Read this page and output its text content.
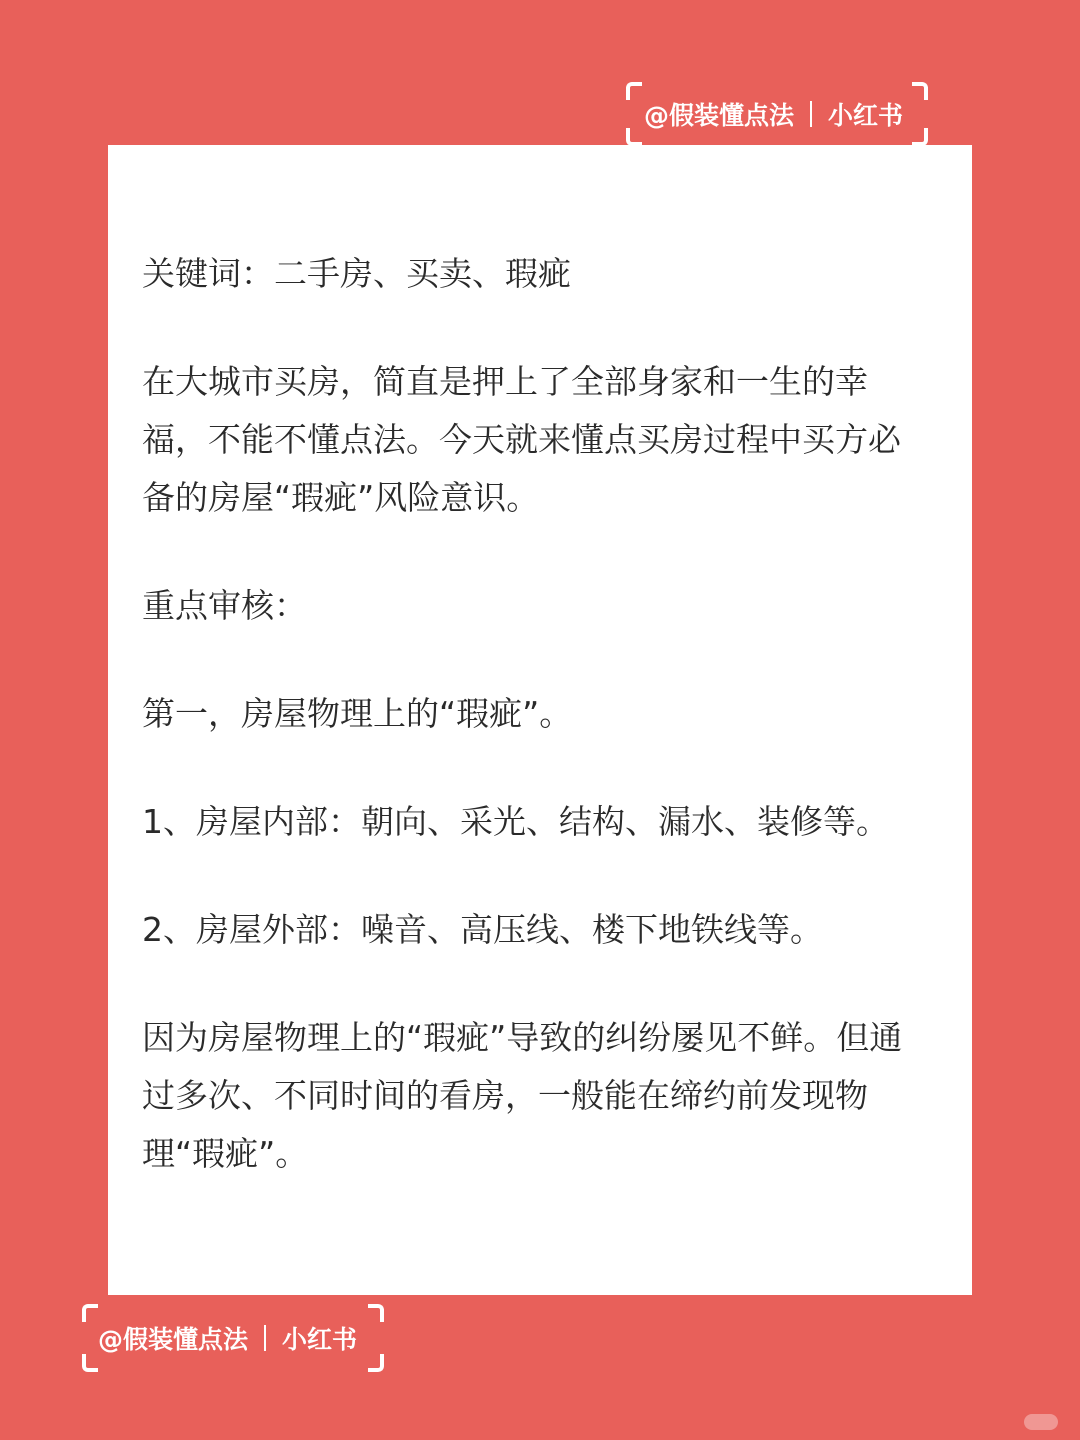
@假装懂点法 小红书

关键词：二手房、买卖、瑕疵

在大城市买房，简直是押上了全部身家和一生的幸福，不能不懂点法。今天就来懂点买房过程中买方必备的房屋“瑕疵”风险意识。

重点审核：

第一，房屋物理上的“瑕疵”。

1、房屋内部：朝向、采光、结构、漏水、装修等。

2、房屋外部：噪音、高压线、楼下地铁线等。

因为房屋物理上的“瑕疵”导致的纠纷屡见不鲜。但通过多次、不同时间的看房，一般能在缔约前发现物理“瑕疵”。

@假装懂点法 小红书
